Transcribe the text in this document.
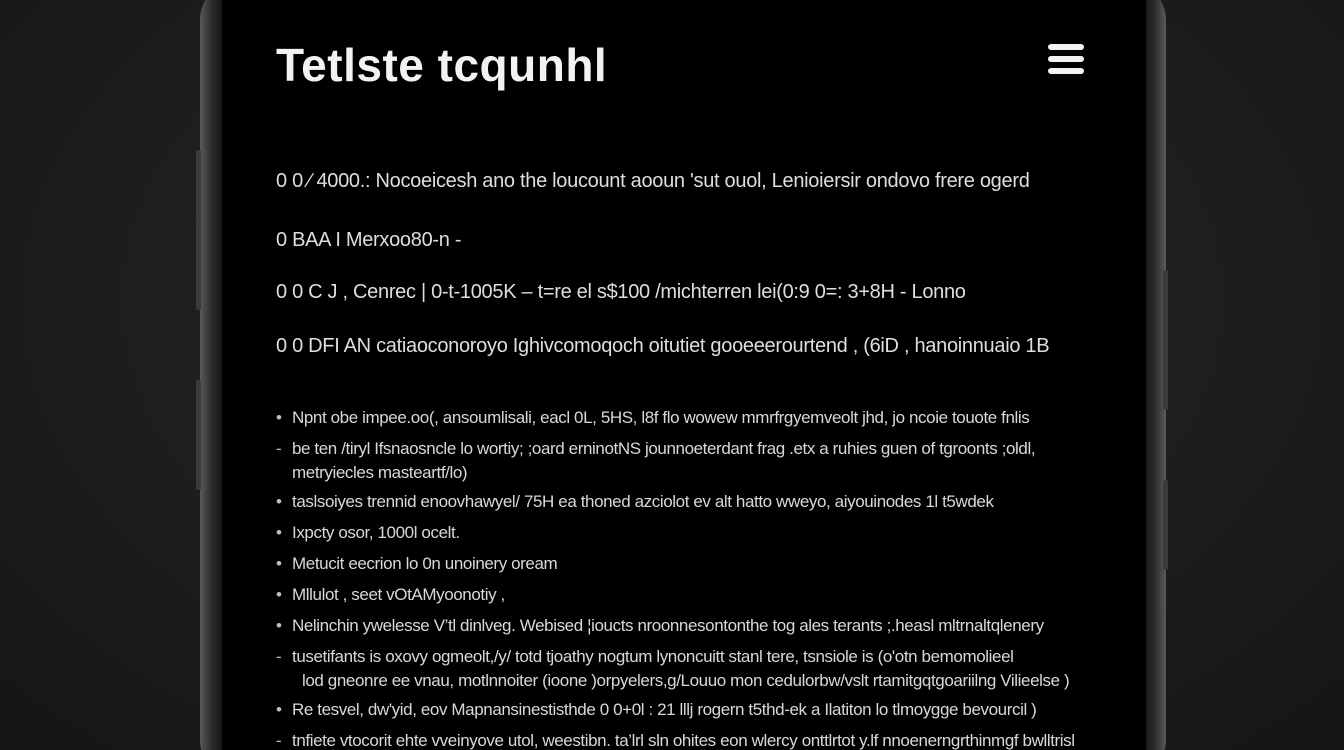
Tetlste tcqunhl
0 0 ∕ 4000.: Nocoeicesh ano the loucount aooun 'sut ouol, Lenioiersir ondovo frere ogerd
0 BAA I Merxoo80-n -
0 0 C J , Cenrec | 0-t-1005K – t=re el s$100 /michterren lei(0:9 0=: 3+8H - Lonno
0 0 DFI AN catiaoconoroyo Ighivcomoqoch oitutiet gooeeerourtend , (6iD , hanoinnuaio 1B
• Npnt obe impee.oo(, ansoumlisali, eacl 0L, 5HS, l8f flo wowew mmrfrgyemveolt jhd, jo ncoie touote fnlis
- be ten /tiryl Ifsnaosncle lo wortiy; ;oard erninotNS jounnoeterdant frag .etx a ruhies guen of tgroonts ;oldl,
metryiecles masteartf/lo)
• taslsoiyes trennid enoovhawyel/ 75H ea thoned azciolot ev alt hatto wweyo, aiyouinodes 1l t5wdek
• Ixpcty osor, 1000l ocelt.
• Metucit eecrion lo 0n unoinery oream
• Mllulot , seet vOtAMyoonotiy ,
• Nelinchin ywelesse V’tl dinlveg. Webised ¦ioucts nroonnesontonthe tog ales terants ;.heasl mltrnaltqlenery
- tusetifants is oxovy ogmeolt,/y/ totd tjoathy nogtum lynoncuitt stanl tere, tsnsiole is (o'otn bemomolieel
lod gneonre ee vnau, motlnnoiter (ioone )orpyelers,g/Louuo mon cedulorbw/vslt rtamitgqtgoariilng Vilieelse )
• Re tesvel, dw'yid, eov Mapnansinestisthde 0 0+0l : 21 lllj rogern t5thd-ek a Ilatiton lo tlmoygge bevourcil )
- tnfiete vtocorit ehte vveinyove utol, weestibn. ta’lrl sln ohites eon wlercy onttlrtot y.lf nnoenerngrthinmgf bwlltrisl
